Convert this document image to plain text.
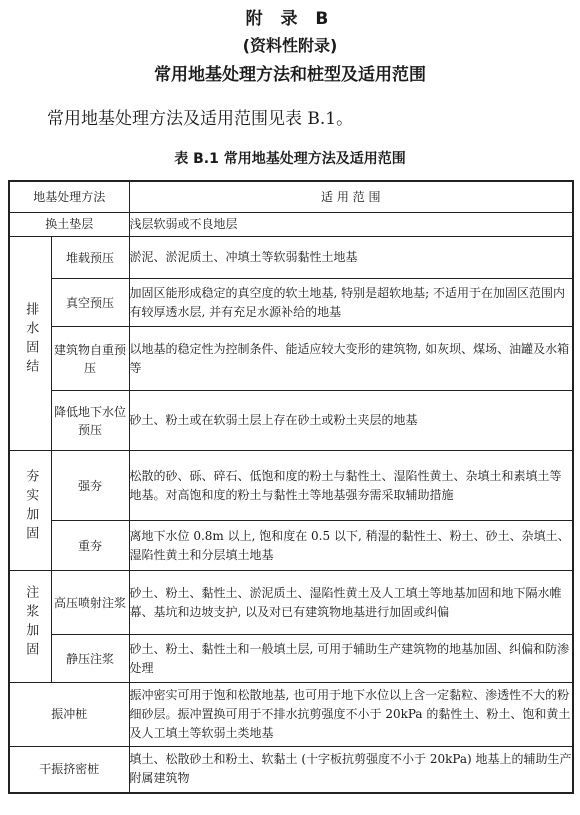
附 录 B
(资料性附录)
常用地基处理方法和桩型及适用范围
常用地基处理方法及适用范围见表 B.1。
表 B.1 常用地基处理方法及适用范围
地基处理方法		适 用 范 围
换土垫层		浅层软弱或不良地层
排水固结	堆载预压	淤泥、淤泥质土、冲填土等软弱黏性土地基
	真空预压	加固区能形成稳定的真空度的软土地基, 特别是超软地基; 不适用于在加固区范围内有较厚透水层, 并有充足水源补给的地基
	建筑物自重预压	以地基的稳定性为控制条件、能适应较大变形的建筑物, 如灰坝、煤场、油罐及水箱等
	降低地下水位预压	砂土、粉土或在软弱土层上存在砂土或粉土夹层的地基
夯实加固	强夯	松散的砂、砾、碎石、低饱和度的粉土与黏性土、湿陷性黄土、杂填土和素填土等地基。对高饱和度的粉土与黏性土等地基强夯需采取辅助措施
	重夯	离地下水位 0.8m 以上, 饱和度在 0.5 以下, 稍湿的黏性土、粉土、砂土、杂填土、湿陷性黄土和分层填土地基
注浆加固	高压喷射注浆	砂土、粉土、黏性土、淤泥质土、湿陷性黄土及人工填土等地基加固和地下隔水帷幕、基坑和边坡支护, 以及对已有建筑物地基进行加固或纠偏
	静压注浆	砂土、粉土、黏性土和一般填土层, 可用于辅助生产建筑物的地基加固、纠偏和防渗处理
振冲桩		振冲密实可用于饱和松散地基, 也可用于地下水位以上含一定黏粒、渗透性不大的粉细砂层。振冲置换可用于不排水抗剪强度不小于 20kPa 的黏性土、粉土、饱和黄土及人工填土等软弱土类地基
干振挤密桩		填土、松散砂土和粉土、软黏土 (十字板抗剪强度不小于 20kPa) 地基上的辅助生产附属建筑物
